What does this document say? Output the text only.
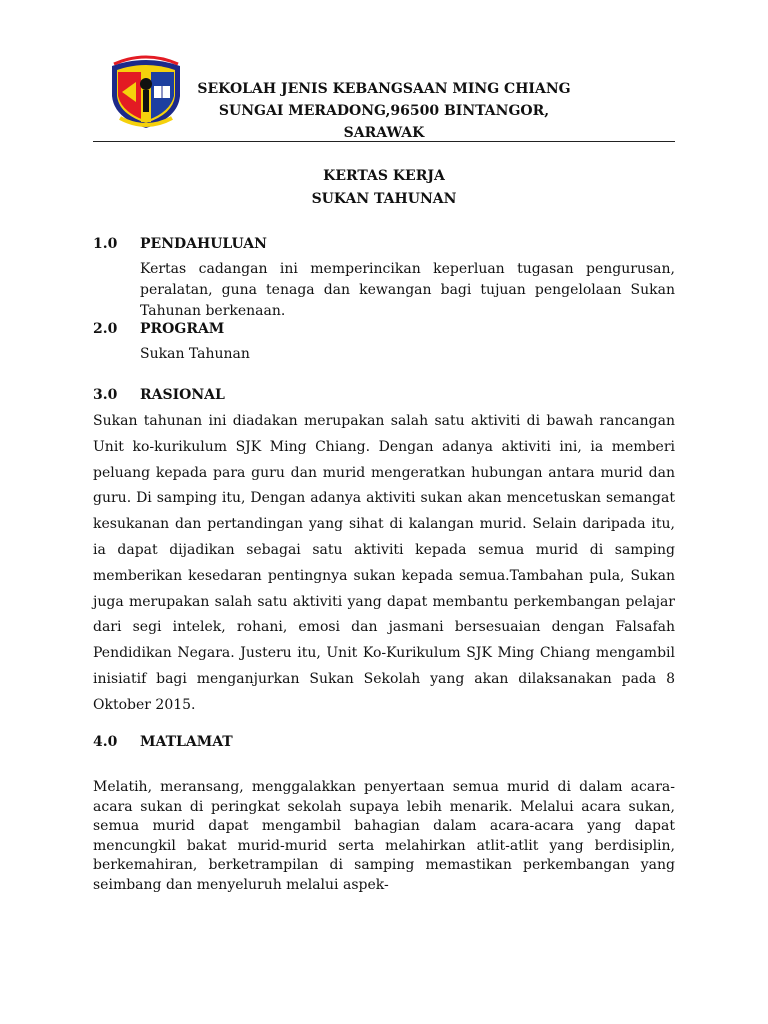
SEKOLAH JENIS KEBANGSAAN MING CHIANG
SUNGAI MERADONG,96500 BINTANGOR,
SARAWAK
KERTAS KERJA
SUKAN TAHUNAN
1.0 PENDAHULUAN
Kertas cadangan ini memperincikan keperluan tugasan pengurusan, peralatan, guna tenaga dan kewangan bagi tujuan pengelolaan Sukan Tahunan berkenaan.
2.0 PROGRAM
Sukan Tahunan
3.0 RASIONAL
Sukan tahunan ini diadakan merupakan salah satu aktiviti di bawah rancangan Unit ko-kurikulum SJK Ming Chiang. Dengan adanya aktiviti ini, ia memberi peluang kepada para guru dan murid mengeratkan hubungan antara murid dan guru. Di samping itu, Dengan adanya aktiviti sukan akan mencetuskan semangat kesukanan dan pertandingan yang sihat di kalangan murid. Selain daripada itu, ia dapat dijadikan sebagai satu aktiviti kepada semua murid di samping memberikan kesedaran pentingnya sukan kepada semua.Tambahan pula, Sukan juga merupakan salah satu aktiviti yang dapat membantu perkembangan pelajar dari segi intelek, rohani, emosi dan jasmani bersesuaian dengan Falsafah Pendidikan Negara. Justeru itu, Unit Ko-Kurikulum SJK Ming Chiang mengambil inisiatif bagi menganjurkan Sukan Sekolah yang akan dilaksanakan pada 8 Oktober 2015.
4.0 MATLAMAT
Melatih, meransang, menggalakkan penyertaan semua murid di dalam acara-acara sukan di peringkat sekolah supaya lebih menarik. Melalui acara sukan, semua murid dapat mengambil bahagian dalam acara-acara yang dapat mencungkil bakat murid-murid serta melahirkan atlit-atlit yang berdisiplin, berkemahiran, berketrampilan di samping memastikan perkembangan yang seimbang dan menyeluruh melalui aspek-
